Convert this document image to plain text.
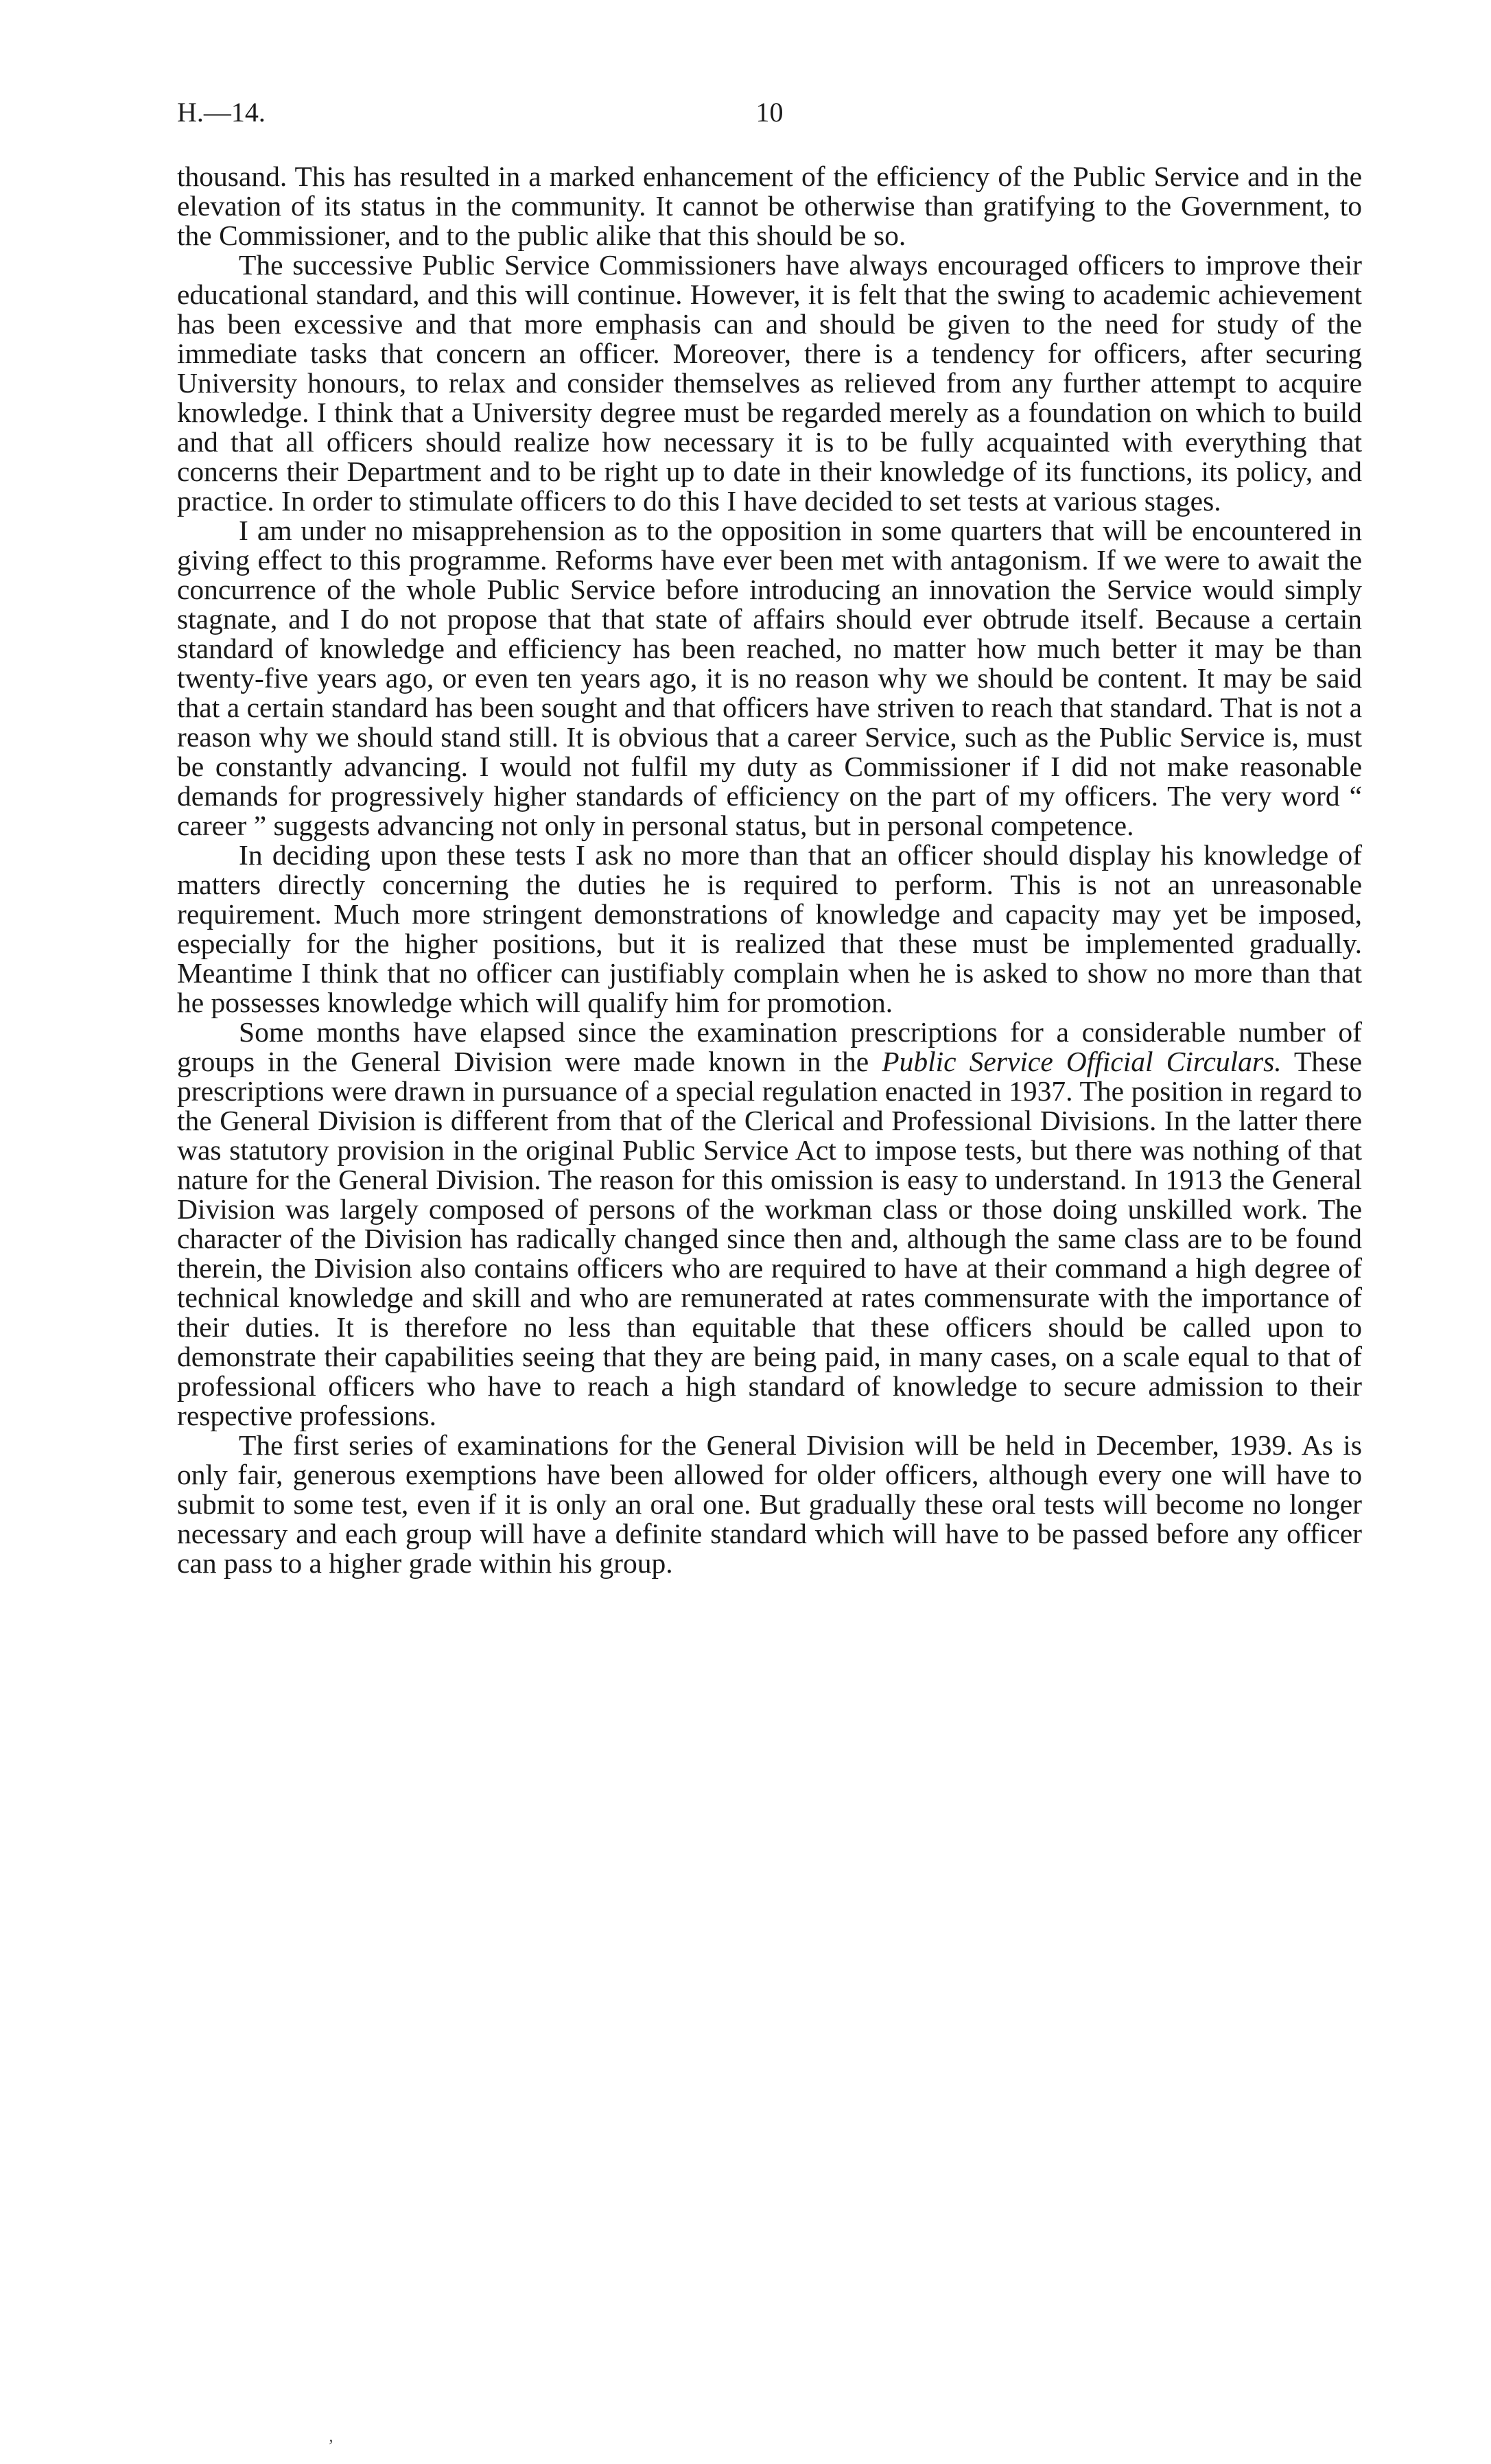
H.—14.	10

thousand. This has resulted in a marked enhancement of the efficiency of the Public Service and in the elevation of its status in the community. It cannot be otherwise than gratifying to the Government, to the Commissioner, and to the public alike that this should be so.

The successive Public Service Commissioners have always encouraged officers to improve their educational standard, and this will continue. However, it is felt that the swing to academic achievement has been excessive and that more emphasis can and should be given to the need for study of the immediate tasks that concern an officer. Moreover, there is a tendency for officers, after securing University honours, to relax and consider themselves as relieved from any further attempt to acquire knowledge. I think that a University degree must be regarded merely as a foundation on which to build and that all officers should realize how necessary it is to be fully acquainted with everything that concerns their Department and to be right up to date in their knowledge of its functions, its policy, and practice. In order to stimulate officers to do this I have decided to set tests at various stages.

I am under no misapprehension as to the opposition in some quarters that will be encountered in giving effect to this programme. Reforms have ever been met with antagonism. If we were to await the concurrence of the whole Public Service before introducing an innovation the Service would simply stagnate, and I do not propose that that state of affairs should ever obtrude itself. Because a certain standard of knowledge and efficiency has been reached, no matter how much better it may be than twenty-five years ago, or even ten years ago, it is no reason why we should be content. It may be said that a certain standard has been sought and that officers have striven to reach that standard. That is not a reason why we should stand still. It is obvious that a career Service, such as the Public Service is, must be constantly advancing. I would not fulfil my duty as Commissioner if I did not make reasonable demands for progressively higher standards of efficiency on the part of my officers. The very word “ career ” suggests advancing not only in personal status, but in personal competence.

In deciding upon these tests I ask no more than that an officer should display his knowledge of matters directly concerning the duties he is required to perform. This is not an unreasonable requirement. Much more stringent demonstrations of knowledge and capacity may yet be imposed, especially for the higher positions, but it is realized that these must be implemented gradually. Meantime I think that no officer can justifiably complain when he is asked to show no more than that he possesses knowledge which will qualify him for promotion.

Some months have elapsed since the examination prescriptions for a considerable number of groups in the General Division were made known in the Public Service Official Circulars. These prescriptions were drawn in pursuance of a special regulation enacted in 1937. The position in regard to the General Division is different from that of the Clerical and Professional Divisions. In the latter there was statutory provision in the original Public Service Act to impose tests, but there was nothing of that nature for the General Division. The reason for this omission is easy to understand. In 1913 the General Division was largely composed of persons of the workman class or those doing unskilled work. The character of the Division has radically changed since then and, although the same class are to be found therein, the Division also contains officers who are required to have at their command a high degree of technical knowledge and skill and who are remunerated at rates commensurate with the importance of their duties. It is therefore no less than equitable that these officers should be called upon to demonstrate their capabilities seeing that they are being paid, in many cases, on a scale equal to that of professional officers who have to reach a high standard of knowledge to secure admission to their respective professions.

The first series of examinations for the General Division will be held in December, 1939. As is only fair, generous exemptions have been allowed for older officers, although every one will have to submit to some test, even if it is only an oral one. But gradually these oral tests will become no longer necessary and each group will have a definite standard which will have to be passed before any officer can pass to a higher grade within his group.

’
